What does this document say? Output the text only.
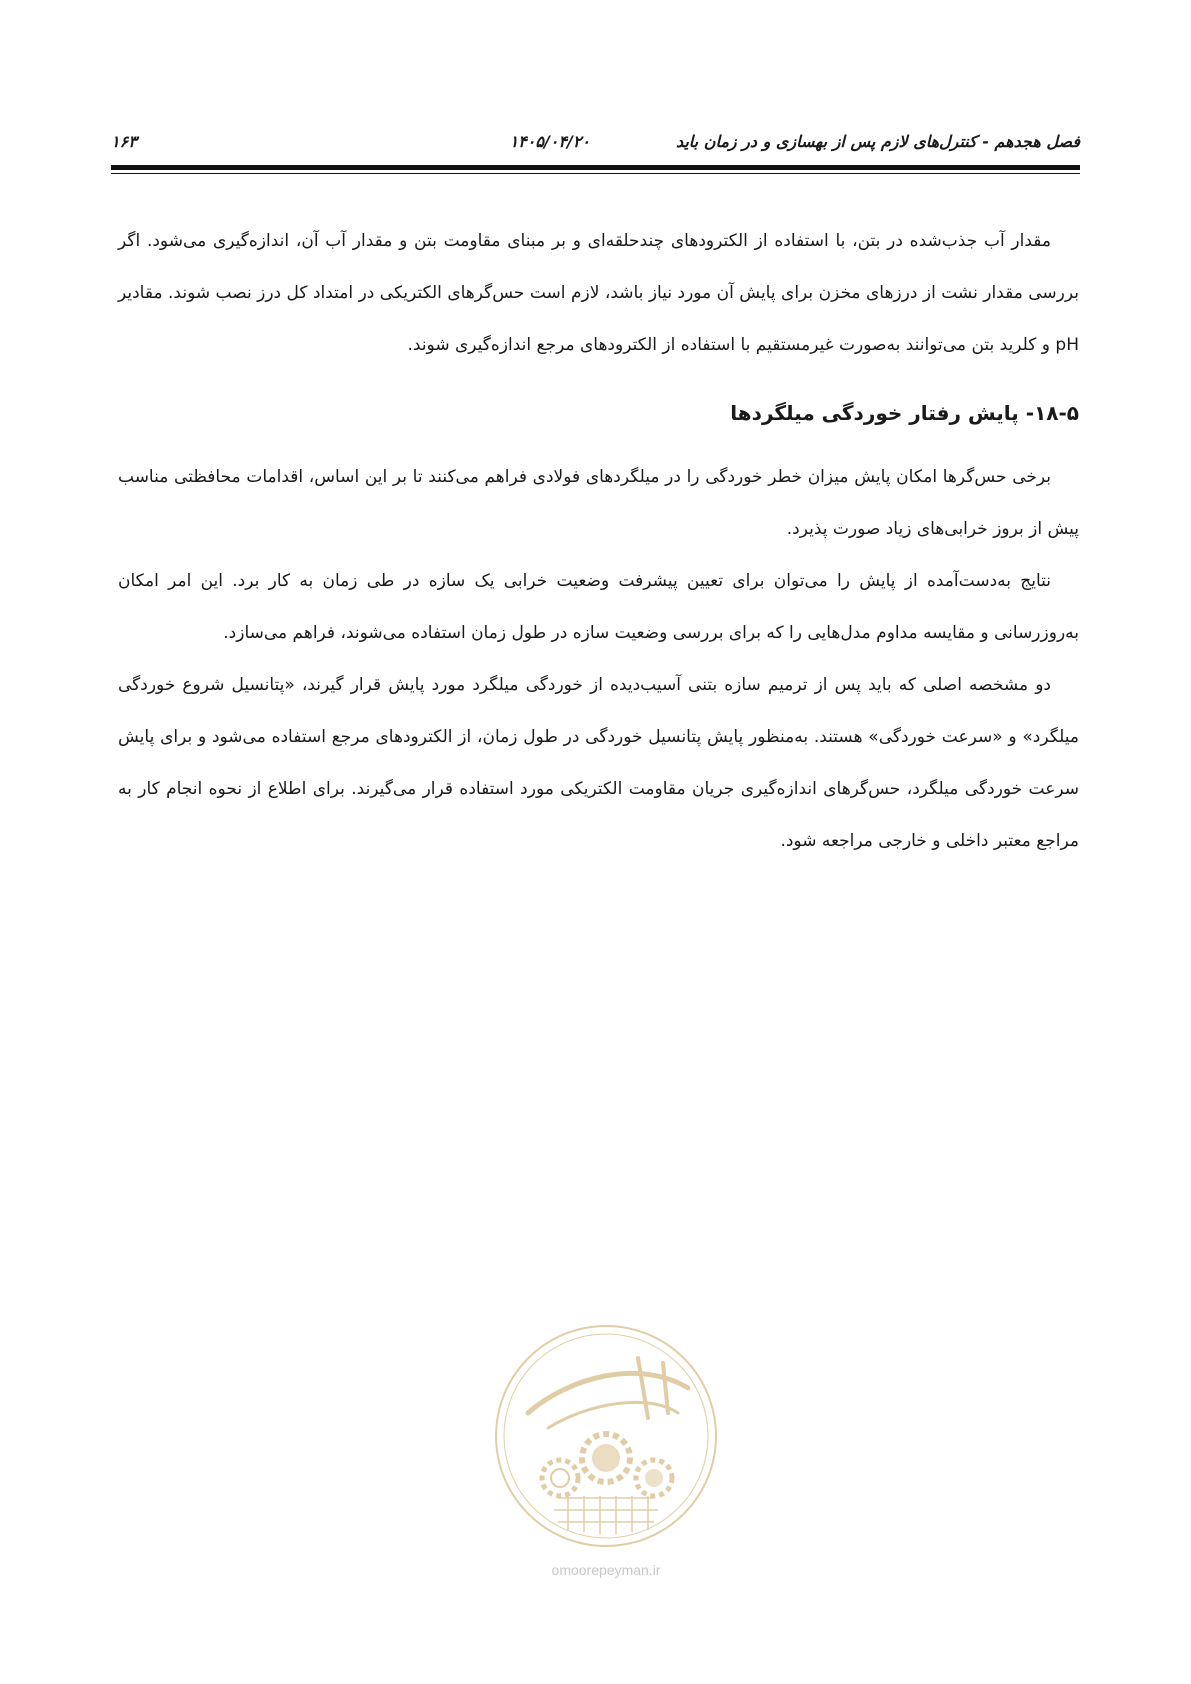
فصل هجدهم - کنترل‌های لازم پس از بهسازی و در زمان باید
۱۴۰۵/۰۴/۲۰
۱۶۳

مقدار آب جذب‌شده در بتن، با استفاده از الکترودهای چندحلقه‌ای و بر مبنای مقاومت بتن و مقدار آب آن، اندازه‌گیری می‌شود. اگر بررسی مقدار نشت از درزهای مخزن برای پایش آن مورد نیاز باشد، لازم است حس‌گرهای الکتریکی در امتداد کل درز نصب شوند. مقادیر pH و کلرید بتن می‌توانند به‌صورت غیرمستقیم با استفاده از الکترودهای مرجع اندازه‌گیری شوند.

۱۸-۵- پایش رفتار خوردگی میلگردها

برخی حس‌گرها امکان پایش میزان خطر خوردگی را در میلگردهای فولادی فراهم می‌کنند تا بر این اساس، اقدامات محافظتی مناسب پیش از بروز خرابی‌های زیاد صورت پذیرد.

نتایج به‌دست‌آمده از پایش را می‌توان برای تعیین پیشرفت وضعیت خرابی یک سازه در طی زمان به کار برد. این امر امکان به‌روزرسانی و مقایسه مداوم مدل‌هایی را که برای بررسی وضعیت سازه در طول زمان استفاده می‌شوند، فراهم می‌سازد.

دو مشخصه اصلی که باید پس از ترمیم سازه بتنی آسیب‌دیده از خوردگی میلگرد مورد پایش قرار گیرند، «پتانسیل شروع خوردگی میلگرد» و «سرعت خوردگی» هستند. به‌منظور پایش پتانسیل خوردگی در طول زمان، از الکترودهای مرجع استفاده می‌شود و برای پایش سرعت خوردگی میلگرد، حس‌گرهای اندازه‌گیری جریان مقاومت الکتریکی مورد استفاده قرار می‌گیرند. برای اطلاع از نحوه انجام کار به مراجع معتبر داخلی و خارجی مراجعه شود.

omoorepeyman.ir
